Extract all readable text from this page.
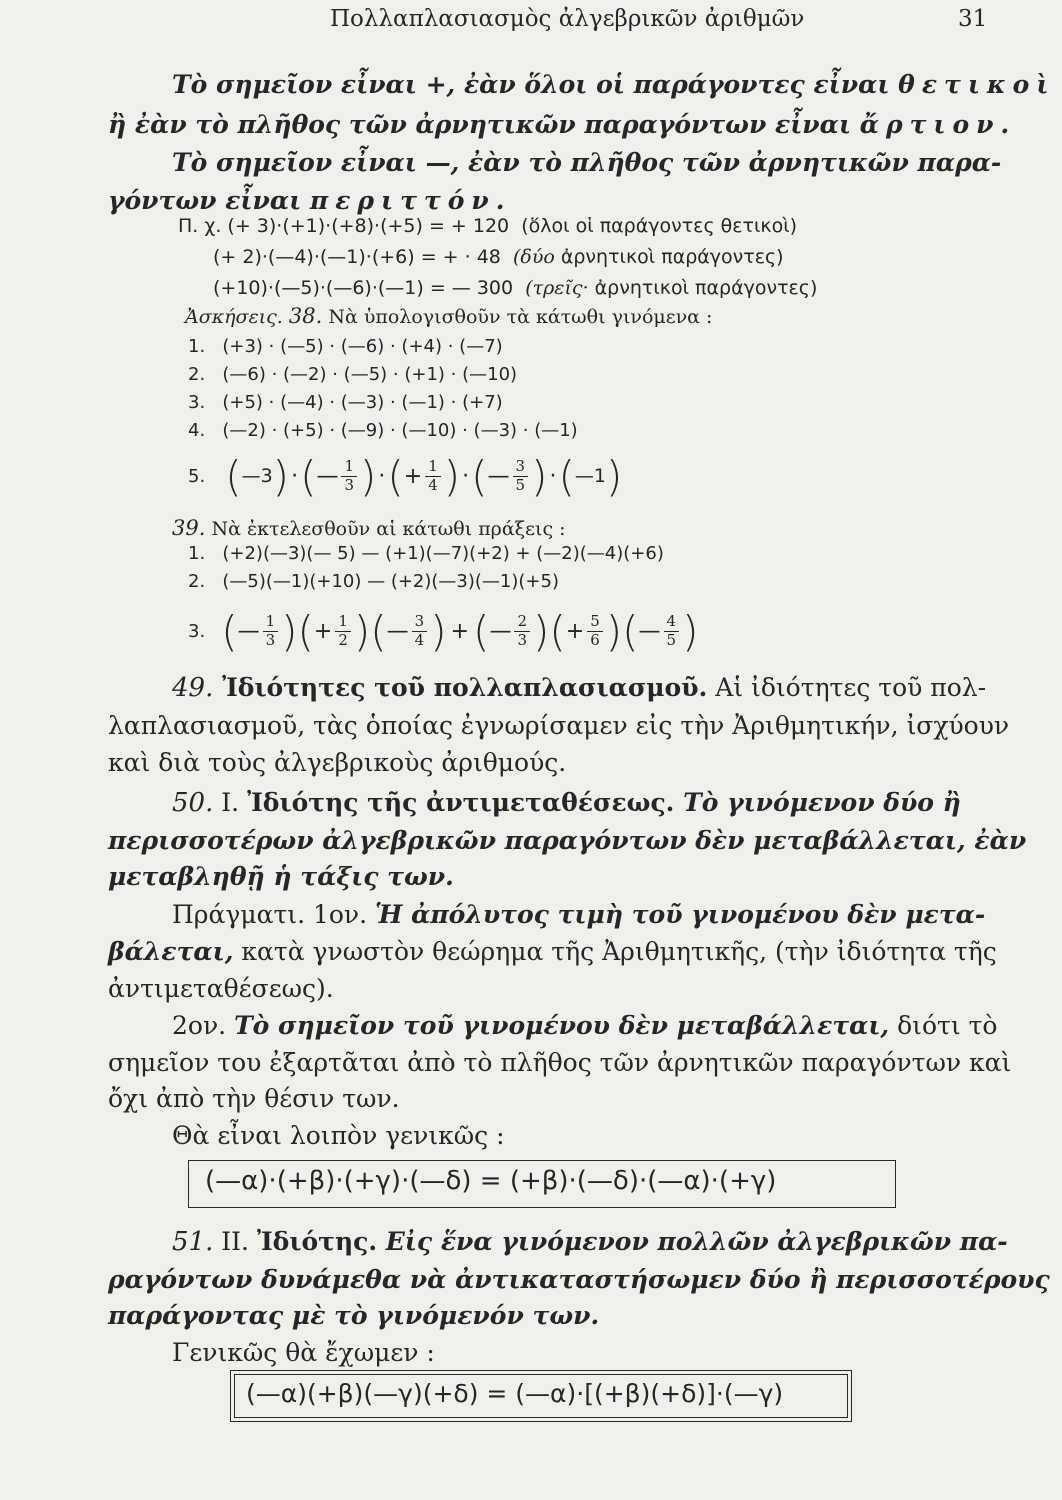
Πολλαπλασιασμὸς ἀλγεβρικῶν ἀριθμῶν	31
Τὸ σημεῖον εἶναι +, ἐὰν ὅλοι οἱ παράγοντες εἶναι θετικοὶ
ἢ ἐὰν τὸ πλῆθος τῶν ἀρνητικῶν παραγόντων εἶναι ἄρτιον.
Τὸ σημεῖον εἶναι —, ἐὰν τὸ πλῆθος τῶν ἀρνητικῶν παρα-
γόντων εἶναι περιττόν.
Π. χ. (+ 3)·(+1)·(+8)·(+5) = + 120 (ὅλοι οἱ παράγοντες θετικοὶ)
(+ 2)·(—4)·(—1)·(+6) = + · 48 (δύο ἀρνητικοὶ παράγοντες)
(+10)·(—5)·(—6)·(—1) = — 300 (τρεῖς· ἀρνητικοὶ παράγοντες)
Ἀσκήσεις. 38. Νὰ ὑπολογισθοῦν τὰ κάτωθι γινόμενα :
1. (+3) · (—5) · (—6) · (+4) · (—7)
2. (—6) · (—2) · (—5) · (+1) · (—10)
3. (+5) · (—4) · (—3) · (—1) · (+7)
4. (—2) · (+5) · (—9) · (—10) · (—3) · (—1)
5. ( —3 ) · ( — $\frac{1}{3}$ ) · ( + $\frac{1}{4}$ ) · ( — $\frac{3}{5}$ ) · ( —1 )
39. Νὰ ἐκτελεσθοῦν αἱ κάτωθι πράξεις :
1. (+2)(—3)(— 5) — (+1)(—7)(+2) + (—2)(—4)(+6)
2. (—5)(—1)(+10) — (+2)(—3)(—1)(+5)
3. ( — $\frac{1}{3}$ ) ( + $\frac{1}{2}$ ) ( — $\frac{3}{4}$ ) + ( — $\frac{2}{3}$ ) ( + $\frac{5}{6}$ ) ( — $\frac{4}{5}$ )
49. Ἰδιότητες τοῦ πολλαπλασιασμοῦ. Αἱ ἰδιότητες τοῦ πολ-
λαπλασιασμοῦ, τὰς ὁποίας ἐγνωρίσαμεν εἰς τὴν Ἀριθμητικήν, ἰσχύουν
καὶ διὰ τοὺς ἀλγεβρικοὺς ἀριθμούς.
50. Ι. Ἰδιότης τῆς ἀντιμεταθέσεως. Τὸ γινόμενον δύο ἢ
περισσοτέρων ἀλγεβρικῶν παραγόντων δὲν μεταβάλλεται, ἐὰν
μεταβληθῇ ἡ τάξις των.
Πράγματι. 1ον. Ἡ ἀπόλυτος τιμὴ τοῦ γινομένου δὲν μετα-
βάλεται, κατὰ γνωστὸν θεώρημα τῆς Ἀριθμητικῆς, (τὴν ἰδιότητα τῆς
ἀντιμεταθέσεως).
2ον. Τὸ σημεῖον τοῦ γινομένου δὲν μεταβάλλεται, διότι τὸ
σημεῖον του ἐξαρτᾶται ἀπὸ τὸ πλῆθος τῶν ἀρνητικῶν παραγόντων καὶ
ὄχι ἀπὸ τὴν θέσιν των.
Θὰ εἶναι λοιπὸν γενικῶς :
(—α)·(+β)·(+γ)·(—δ) = (+β)·(—δ)·(—α)·(+γ)
51. ΙΙ. Ἰδιότης. Εἰς ἕνα γινόμενον πολλῶν ἀλγεβρικῶν πα-
ραγόντων δυνάμεθα νὰ ἀντικαταστήσωμεν δύο ἢ περισσοτέρους
παράγοντας μὲ τὸ γινόμενόν των.
Γενικῶς θὰ ἔχωμεν :
(—α)(+β)(—γ)(+δ) = (—α)·[(+β)(+δ)]·(—γ)
